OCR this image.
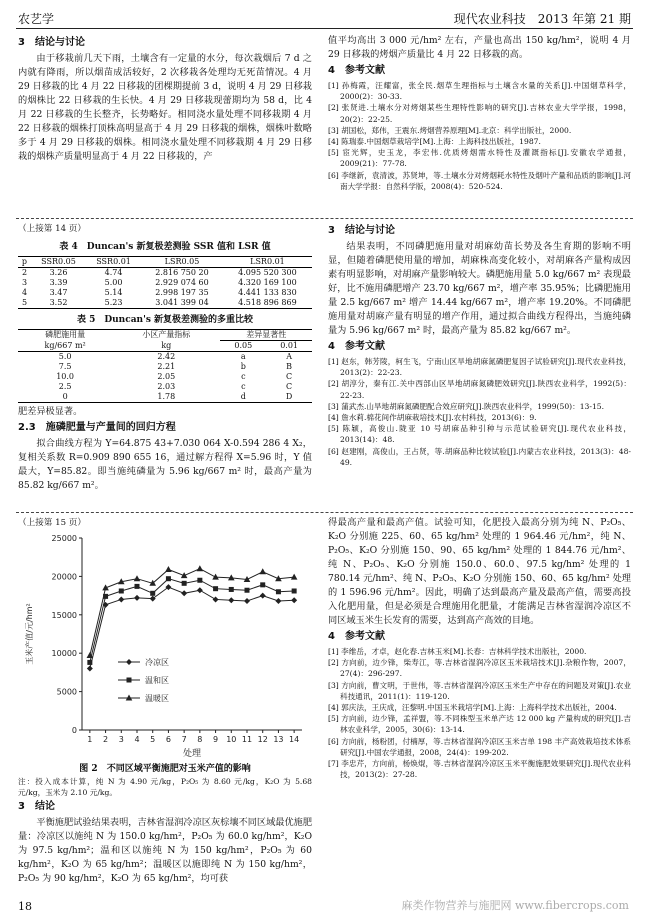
农艺学	现代农业科技　2013 年第 21 期
3　结论与讨论

由于移栽前几天下雨，土壤含有一定量的水分，每次栽烟后 7 d 之内就有降雨，所以烟苗成活较好，2 次移栽各处理均无死苗情况。4 月 29 日移栽的比 4 月 22 日移栽的团棵期提前 3 d，说明 4 月 29 日移栽的烟株比 22 日移栽的生长快。4 月 29 日移栽现蕾期均为 58 d，比 4 月 22 日移栽的生长整齐，长势略好。相同浇水量处理不同移栽期 4 月 22 日移栽的烟株打顶株高明显高于 4 月 29 日移栽的烟株，烟株叶数略多于 4 月 29 日移栽的烟株。相同浇水量处理不同移栽期 4 月 29 日移栽的烟株产质量明显高于 4 月 22 日移栽的，产

值平均高出 3 000 元/hm² 左右，产量也高出 150 kg/hm²，说明 4 月 29 日移栽的烤烟产质量比 4 月 22 日移栽的高。

4　参考文献

[1] 孙梅霞，汪耀富，张全民.烟草生理指标与土壤含水量的关系[J].中国烟草科学，2000(2)：30-33.

[2] 张贤进.土壤水分对烤烟某些生理特性影响的研究[J].吉林农业大学学报，1998，20(2)：22-25.

[3] 胡国松，郑伟，王震东.烤烟营养原理[M].北京：科学出版社，2000.

[4] 陈瑞泰.中国烟草栽培学[M].上海：上海科技出版社，1987.

[5] 宦光辉，史玉龙，李宏伟.优质烤烟需水特性及灌溉指标[J].安徽农学通报，2009(21)：77-78.

[6] 李继新，袁清波，苏贤坤，等.土壤水分对烤烟耗水特性及烟叶产量和品质的影响[J].河南大学学报：自然科学版，2008(4)：520-524.

（上接第 14 页）
表 4　Duncan's 新复极差测验 SSR 值和 LSR 值
p	SSR0.05	SSR0.01	LSR0.05	LSR0.01
2	3.26	4.74	2.816 750 20	4.095 520 300
3	3.39	5.00	2.929 074 60	4.320 169 100
4	3.47	5.14	2.998 197 35	4.441 133 830
5	3.52	5.23	3.041 399 04	4.518 896 869
表 5　Duncan's 新复极差测验的多重比较
磷肥施用量	小区产量指标	差异显著性	
kg/667 m²	kg	0.05	0.01
5.0	2.42	a	A
7.5	2.21	b	B
10.0	2.05	c	C
2.5	2.03	c	C
0	1.78	d	D

肥差异极显著。

2.3　施磷肥量与产量间的回归方程

拟合曲线方程为 Y=64.875 43+7.030 064 X-0.594 286 4 X₂，复相关系数 R=0.909 890 655 16，通过解方程得 X=5.96 时，Y 值最大，Y=85.82。即当施纯磷量为 5.96 kg/667 m² 时，最高产量为 85.82 kg/667 m²。

3　结论与讨论

结果表明，不同磷肥施用量对胡麻幼苗长势及各生育期的影响不明显，但随着磷肥使用量的增加，胡麻株高变化较小，对胡麻各产量构成因素有明显影响，对胡麻产量影响较大。磷肥施用量 5.0 kg/667 m² 表现最好，比不施用磷肥增产 23.70 kg/667 m²，增产率 35.95%；比磷肥施用量 2.5 kg/667 m² 增产 14.44 kg/667 m²，增产率 19.20%。不同磷肥施用量对胡麻产量有明显的增产作用，通过拟合曲线方程得出，当施纯磷量为 5.96 kg/667 m² 时，最高产量为 85.82 kg/667 m²。

4　参考文献

[1] 赵东，韩芳陵，柯生飞，宁南山区旱地胡麻氮磷肥复因子试验研究[J].现代农业科技，2013(2)：22-23.

[2] 胡淳分，秦有江.关中西部山区旱地胡麻氮磷肥效研究[J].陕西农业科学，1992(5)：22-23.

[3] 蒲武杰.山旱地胡麻氮磷肥配合效应研究[J].陕西农业科学，1999(50)：13-15.

[4] 詹水莉.棉花间作胡麻栽培技术[J].农村科技，2013(6)：9.

[5] 陈颖，高俊山.陇亚 10 号胡麻品种引种与示范试验研究[J].现代农业科技，2013(14)：48.

[6] 赵建刚，高俊山，王占贤，等.胡麻品种比较试验[J].内蒙古农业科技，2013(3)：48-49.

（上接第 15 页）
0
5000
10000
15000
20000
25000
1 2 3 4 5 6 7 8 9 10 11 12 13 14
处理
玉米产值/元/hm²	冷凉区
温和区
温暖区
图 2　不同区域平衡施肥对玉米产值的影响

注：投入成本计算，纯 N 为 4.90 元/kg，P₂O₅ 为 8.60 元/kg，K₂O 为 5.68 元/kg，玉米为 2.10 元/kg。

3　结论

平衡施肥试验结果表明，吉林省湿润冷凉区灰棕壤不同区域最优施肥量：冷凉区以施纯 N 为 150.0 kg/hm²，P₂O₅ 为 60.0 kg/hm²，K₂O 为 97.5 kg/hm²；温和区以施纯 N 为 150 kg/hm²，P₂O₅ 为 60 kg/hm²，K₂O 为 65 kg/hm²；温暖区以施即纯 N 为 150 kg/hm²，P₂O₅ 为 90 kg/hm²，K₂O 为 65 kg/hm²，均可获

得最高产量和最高产值。试验可知，化肥投入最高分别为纯 N、P₂O₅、K₂O 分别施 225、60、65 kg/hm² 处理的 1 964.46 元/hm²，纯 N、P₂O₅、K₂O 分别施 150、90、65 kg/hm² 处理的 1 844.76 元/hm²、纯 N、P₂O₅、K₂O 分别施 150.0、60.0、97.5 kg/hm² 处理的 1 780.14 元/hm²、纯 N、P₂O₅、K₂O 分别施 150、60、65 kg/hm² 处理的 1 596.96 元/hm²。因此，明确了达到最高产量及最高产值，需要高投入化肥用量，但是必须是合理施用化肥量，才能满足吉林省湿润冷凉区不同区域玉米生长发育的需要，达到高产高效的目地。

4　参考文献

[1] 李维岳，才卓，赵化春.吉林玉米[M].长春：吉林科学技术出版社，2000.

[2] 方向前，边少锋，柴寿江，等.吉林省湿润冷凉区玉米栽培技术[J].杂粮作物，2007，27(4)：296-297.

[3] 方向前，曹文明，于世伟，等.吉林省湿润冷凉区玉米生产中存在的问题及对策[J].农业科技通讯，2011(1)：119-120.

[4] 郭庆法，王庆成，汪黎明.中国玉米栽培学[M].上海：上海科学技术出版社，2004.

[5] 方向前，边少锋，孟祥盟，等.不同株型玉米单产达 12 000 kg 产量构成的研究[J].吉林农业科学，2005，30(6)：13-14.

[6] 方向前，杨粉团，付楠厚，等.吉林省湿润冷凉区玉米吉单 198 丰产高效栽培技术体系研究[J].中国农学通报，2008，24(4)：199-202.

[7] 李忠芹，方向前，杨焕焜，等.吉林省湿润冷凉区玉米平衡施肥效果研究[J].现代农业科技，2013(2)：27-28.

18	麻类作物营养与施肥网 www.fibercrops.com
